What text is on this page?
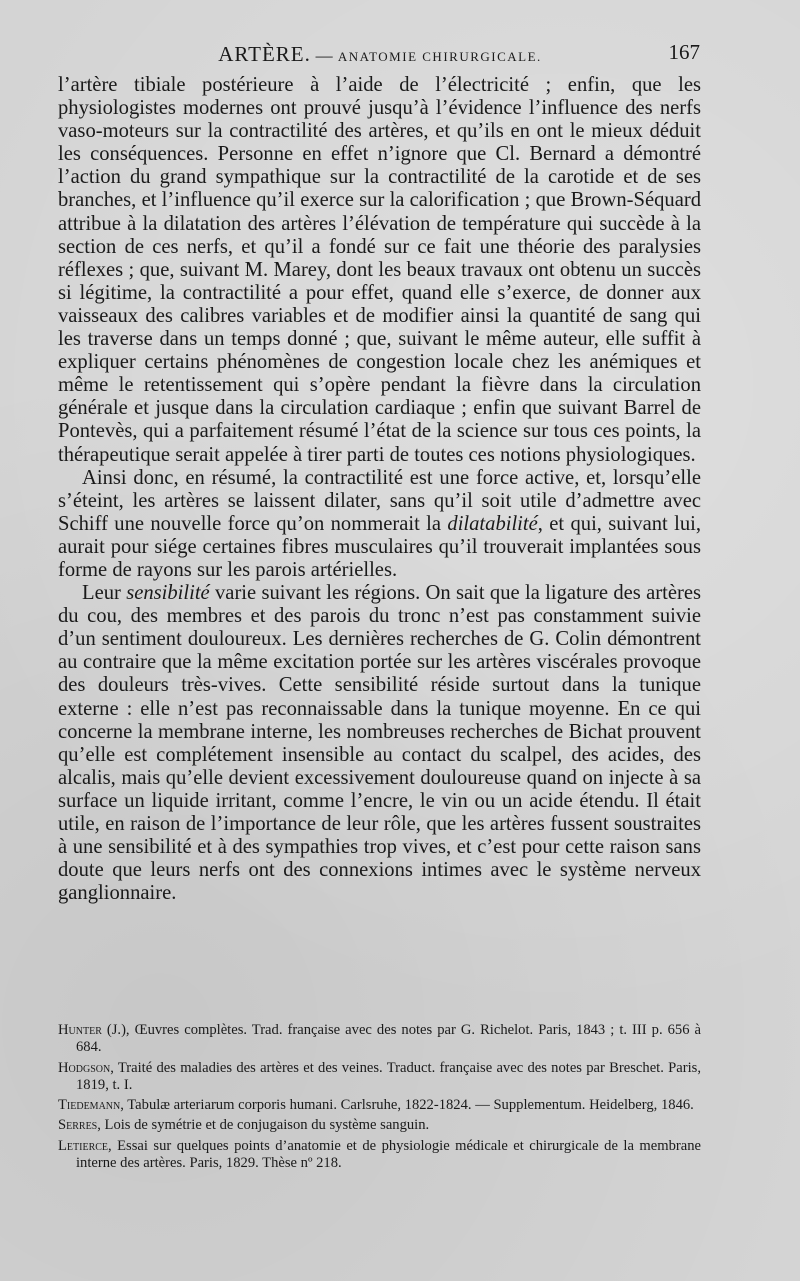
ARTÈRE. — ANATOMIE CHIRURGICALE.	167

l’artère tibiale postérieure à l’aide de l’électricité ; enfin, que les physiologistes modernes ont prouvé jusqu’à l’évidence l’influence des nerfs vaso-moteurs sur la contractilité des artères, et qu’ils en ont le mieux déduit les conséquences. Personne en effet n’ignore que Cl. Bernard a démontré l’action du grand sympathique sur la contractilité de la carotide et de ses branches, et l’influence qu’il exerce sur la calorification ; que Brown-Séquard attribue à la dilatation des artères l’élévation de température qui succède à la section de ces nerfs, et qu’il a fondé sur ce fait une théorie des paralysies réflexes ; que, suivant M. Marey, dont les beaux travaux ont obtenu un succès si légitime, la contractilité a pour effet, quand elle s’exerce, de donner aux vaisseaux des calibres variables et de modifier ainsi la quantité de sang qui les traverse dans un temps donné ; que, suivant le même auteur, elle suffit à expliquer certains phénomènes de congestion locale chez les anémiques et même le retentissement qui s’opère pendant la fièvre dans la circulation générale et jusque dans la circulation cardiaque ; enfin que suivant Barrel de Pontevès, qui a parfaitement résumé l’état de la science sur tous ces points, la thérapeutique serait appelée à tirer parti de toutes ces notions physiologiques.

Ainsi donc, en résumé, la contractilité est une force active, et, lorsqu’elle s’éteint, les artères se laissent dilater, sans qu’il soit utile d’admettre avec Schiff une nouvelle force qu’on nommerait la dilatabilité, et qui, suivant lui, aurait pour siége certaines fibres musculaires qu’il trouverait implantées sous forme de rayons sur les parois artérielles.

Leur sensibilité varie suivant les régions. On sait que la ligature des artères du cou, des membres et des parois du tronc n’est pas constamment suivie d’un sentiment douloureux. Les dernières recherches de G. Colin démontrent au contraire que la même excitation portée sur les artères viscérales provoque des douleurs très-vives. Cette sensibilité réside surtout dans la tunique externe : elle n’est pas reconnaissable dans la tunique moyenne. En ce qui concerne la membrane interne, les nombreuses recherches de Bichat prouvent qu’elle est complétement insensible au contact du scalpel, des acides, des alcalis, mais qu’elle devient excessivement douloureuse quand on injecte à sa surface un liquide irritant, comme l’encre, le vin ou un acide étendu. Il était utile, en raison de l’importance de leur rôle, que les artères fussent soustraites à une sensibilité et à des sympathies trop vives, et c’est pour cette raison sans doute que leurs nerfs ont des connexions intimes avec le système nerveux ganglionnaire.

Hunter (J.), Œuvres complètes. Trad. française avec des notes par G. Richelot. Paris, 1843 ; t. III p. 656 à 684.

Hodgson, Traité des maladies des artères et des veines. Traduct. française avec des notes par Breschet. Paris, 1819, t. I.

Tiedemann, Tabulæ arteriarum corporis humani. Carlsruhe, 1822-1824. — Supplementum. Heidelberg, 1846.

Serres, Lois de symétrie et de conjugaison du système sanguin.

Letierce, Essai sur quelques points d’anatomie et de physiologie médicale et chirurgicale de la membrane interne des artères. Paris, 1829. Thèse nº 218.
